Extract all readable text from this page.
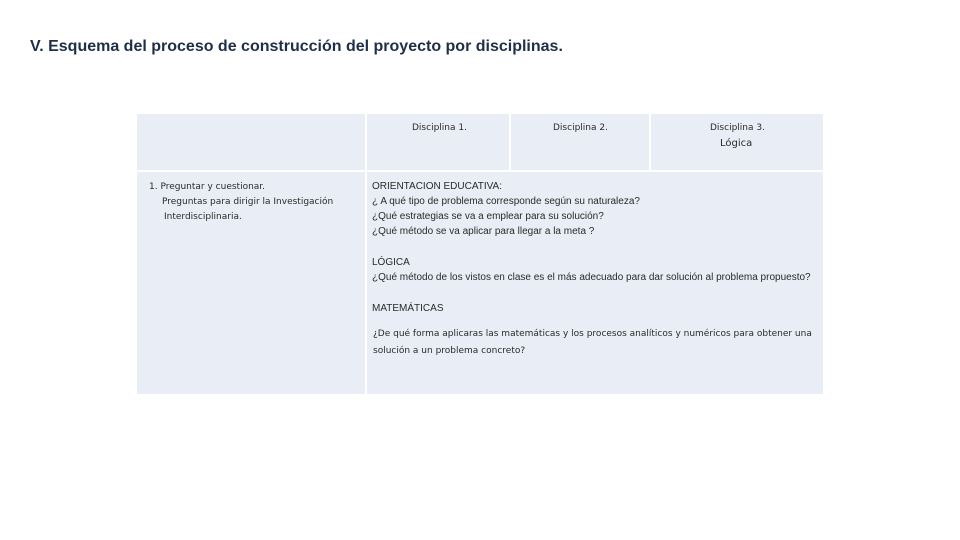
V. Esquema del proceso de construcción del proyecto por disciplinas.
Disciplina 1.	Disciplina 2.	Disciplina 3.
Lógica
1. Preguntar y cuestionar.
Preguntas para dirigir la Investigación
Interdisciplinaria.
ORIENTACION EDUCATIVA:
¿ A qué tipo de problema corresponde según su naturaleza?
¿Qué estrategias se va a emplear para su solución?
¿Qué método se va aplicar para llegar a la meta ?
LÓGICA
¿Qué método de los vistos en clase es el más adecuado para dar solución al problema propuesto?
MATEMÁTICAS
¿De qué forma aplicaras las matemáticas y los procesos analíticos y numéricos para obtener una solución a un problema concreto?
